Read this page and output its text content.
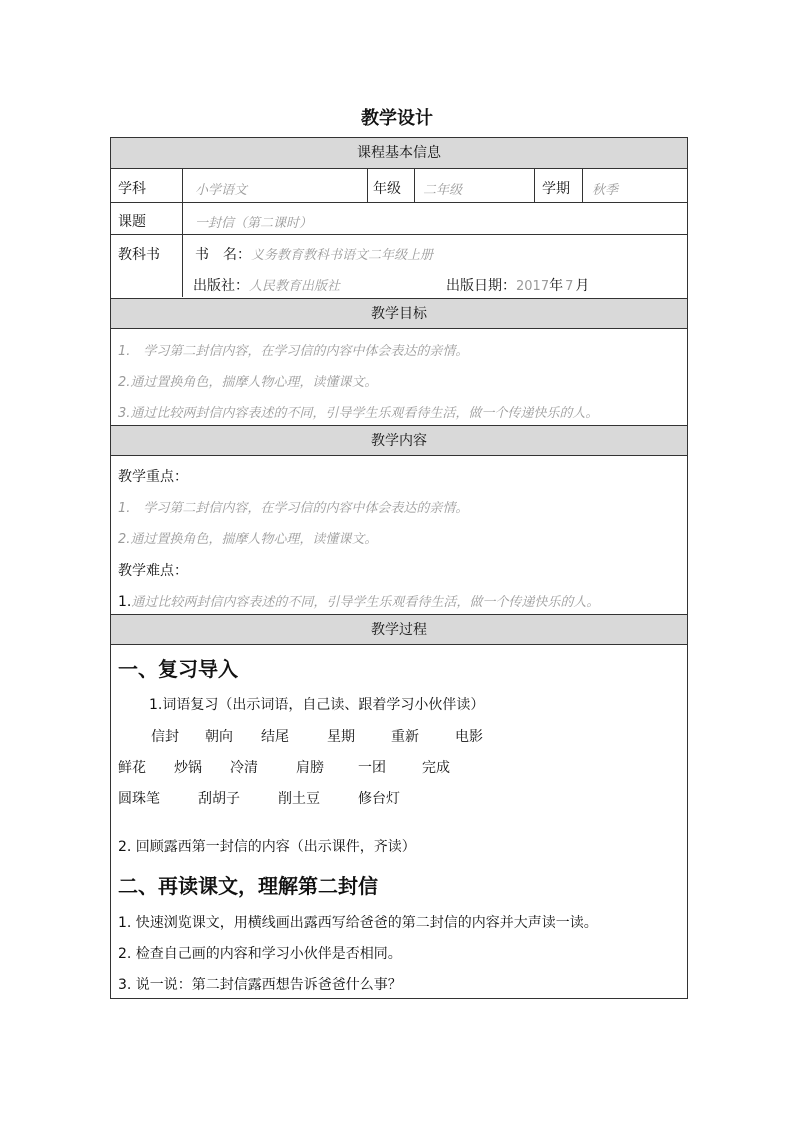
教学设计
课程基本信息
学科	小学语文	年级 二年级	学期 秋季
课题	一封信（第二课时）
教科书	书　名：义务教育教科书语文二年级上册
出版社：人民教育出版社	出版日期：2017年 7 月
教学目标
1.　学习第二封信内容，在学习信的内容中体会表达的亲情。
2.通过置换角色，揣摩人物心理，读懂课文。
3.通过比较两封信内容表述的不同，引导学生乐观看待生活，做一个传递快乐的人。
教学内容
教学重点：
1.　学习第二封信内容，在学习信的内容中体会表达的亲情。
2.通过置换角色，揣摩人物心理，读懂课文。
教学难点：
1.通过比较两封信内容表述的不同，引导学生乐观看待生活，做一个传递快乐的人。
教学过程
一、复习导入
1.词语复习（出示词语，自己读、跟着学习小伙伴读）
信封 朝向 结尾	星期	重新	电影
鲜花 炒锅 冷清	肩膀 一团	完成
圆珠笔	刮胡子	削土豆	修台灯
2. 回顾露西第一封信的内容（出示课件，齐读）
二、再读课文，理解第二封信
1. 快速浏览课文，用横线画出露西写给爸爸的第二封信的内容并大声读一读。
2. 检查自己画的内容和学习小伙伴是否相同。
3. 说一说：第二封信露西想告诉爸爸什么事？
